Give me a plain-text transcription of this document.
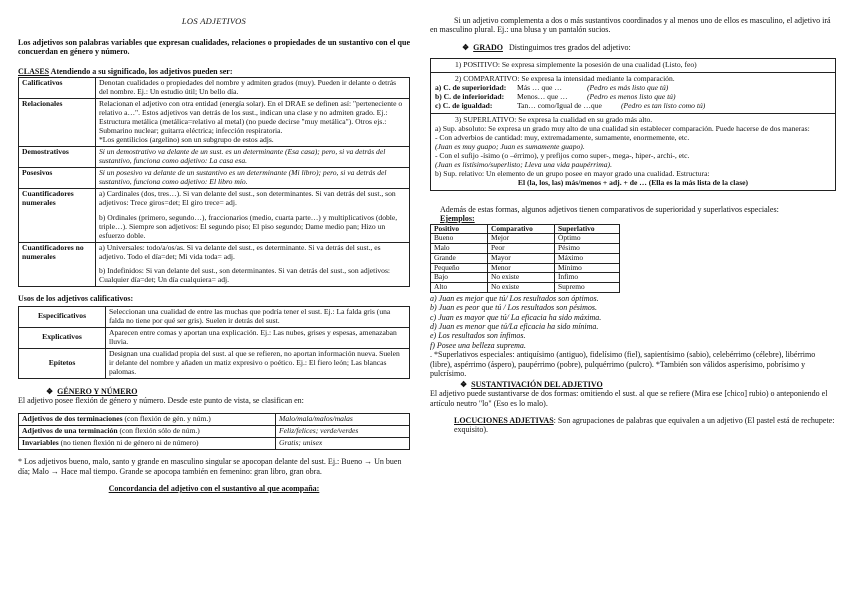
LOS ADJETIVOS

Los adjetivos son palabras variables que expresan cualidades, relaciones o propiedades de un sustantivo con el que concuerdan en género y número.

CLASES Atendiendo a su significado, los adjetivos pueden ser:

Calificativos	Denotan cualidades o propiedades del nombre y admiten grados (muy). Pueden ir delante o detrás del nombre. Ej.: Un estudio útil; Un bello día.
Relacionales	Relacionan el adjetivo con otra entidad (energía solar). En el DRAE se definen así: "perteneciente o relativo a…". Estos adjetivos van detrás de los sust., indican una clase y no admiten grado. Ej.: Estructura metálica (metálica=relativo al metal) (no puede decirse "muy metálica"). Otros ejs.: Submarino nuclear; guitarra eléctrica; infección respiratoria.
*Los gentilicios (argelino) son un subgrupo de estos adjs.
Demostrativos	Si un demostrativo va delante de un sust. es un determinante (Esa casa); pero, si va detrás del sustantivo, funciona como adjetivo: La casa esa.
Posesivos	Si un posesivo va delante de un sustantivo es un determinante (Mi libro); pero, si va detrás del sustantivo, funciona como adjetivo: El libro mío.
Cuantificadores numerales	a) Cardinales (dos, tres…). Si van delante del sust., son determinantes. Si van detrás del sust., son adjetivos: Trece giros=det; El giro trece= adj.

b) Ordinales (primero, segundo…), fraccionarios (medio, cuarta parte…) y multiplicativos (doble, triple…). Siempre son adjetivos: El segundo piso; El piso segundo; Dame medio pan; Hizo un esfuerzo doble.

Cuantificadores no numerales	a) Universales: todo/a/os/as. Si va delante del sust., es determinante. Si va detrás del sust., es adjetivo. Todo el día=det; Mi vida toda= adj.

b) Indefinidos: Si van delante del sust., son determinantes. Si van detrás del sust., son adjetivos: Cualquier día=det; Un día cualquiera= adj.

Usos de los adjetivos calificativos:

Especificativos	Seleccionan una cualidad de entre las muchas que podría tener el sust. Ej.: La falda gris (una falda no tiene por qué ser gris). Suelen ir detrás del sust.
Explicativos	Aparecen entre comas y aportan una explicación. Ej.: Las nubes, grises y espesas, amenazaban lluvia.
Epítetos	Designan una cualidad propia del sust. al que se refieren, no aportan información nueva. Suelen ir delante del nombre y añaden un matiz expresivo o poético. Ej.: El fiero león; Las blancas palomas.

❖ GÉNERO Y NÚMERO

El adjetivo posee flexión de género y número. Desde este punto de vista, se clasifican en:

Adjetivos de dos terminaciones (con flexión de gén. y núm.)	Malo/mala/malos/malas
Adjetivos de una terminación (con flexión sólo de núm.)	Feliz/felices; verde/verdes
Invariables (no tienen flexión ni de género ni de número)	Gratis; unisex

* Los adjetivos bueno, malo, santo y grande en masculino singular se apocopan delante del sust. Ej.: Bueno → Un buen día; Malo → Hace mal tiempo. Grande se apocopa también en femenino: gran libro, gran obra.

Concordancia del adjetivo con el sustantivo al que acompaña:

Si un adjetivo complementa a dos o más sustantivos coordinados y al menos uno de ellos es masculino, el adjetivo irá en masculino plural. Ej.: una blusa y un pantalón sucios.

❖ GRADO Distinguimos tres grados del adjetivo:

1) POSITIVO: Se expresa simplemente la posesión de una cualidad (Listo, feo)

2) COMPARATIVO: Se expresa la intensidad mediante la comparación.

a) C. de superioridad: Más … que …	(Pedro es más listo que tú)

b) C. de inferioridad: Menos… que …	(Pedro es menos listo que tú)

c) C. de igualdad:	Tan… como/Igual de …que	(Pedro es tan listo como tú)

3) SUPERLATIVO: Se expresa la cualidad en su grado más alto.

a) Sup. absoluto: Se expresa un grado muy alto de una cualidad sin establecer comparación. Puede hacerse de dos maneras:

- Con adverbios de cantidad: muy, extremadamente, sumamente, enormemente, etc.

(Juan es muy guapo; Juan es sumamente guapo).

- Con el sufijo -ísimo (o –érrimo), y prefijos como super-, mega-, hiper-, archi-, etc.

(Juan es listísimo/superlisto; Lleva una vida paupérrima).

b) Sup. relativo: Un elemento de un grupo posee en mayor grado una cualidad. Estructura:

El (la, los, las) más/menos + adj. + de … (Ella es la más lista de la clase)

Además de estas formas, algunos adjetivos tienen comparativos de superioridad y superlativos especiales:

Ejemplos:

Positivo	Comparativo	Superlativo
Bueno	Mejor	Óptimo
Malo	Peor	Pésimo
Grande	Mayor	Máximo
Pequeño	Menor	Mínimo
Bajo	No existe	Ínfimo
Alto	No existe	Supremo

a) Juan es mejor que tú/ Los resultados son óptimos.

b) Juan es peor que tú / Los resultados son pésimos.

c) Juan es mayor que tú/ La eficacia ha sido máxima.

d) Juan es menor que tú/La eficacia ha sido mínima.

e) Los resultados son ínfimos.

f) Posee una belleza suprema.

. *Superlativos especiales: antiquísimo (antiguo), fidelísimo (fiel), sapientísimo (sabio), celebérrimo (célebre), libérrimo (libre), aspérrimo (áspero), paupérrimo (pobre), pulquérrimo (pulcro). *También son válidos asperísimo, pobrísimo y pulcrísimo.

❖ SUSTANTIVACIÓN DEL ADJETIVO

El adjetivo puede sustantivarse de dos formas: omitiendo el sust. al que se refiere (Mira ese [chico] rubio) o anteponiendo el artículo neutro "lo" (Eso es lo malo).

LOCUCIONES ADJETIVAS: Son agrupaciones de palabras que equivalen a un adjetivo (El pastel está de rechupete: exquisito).
